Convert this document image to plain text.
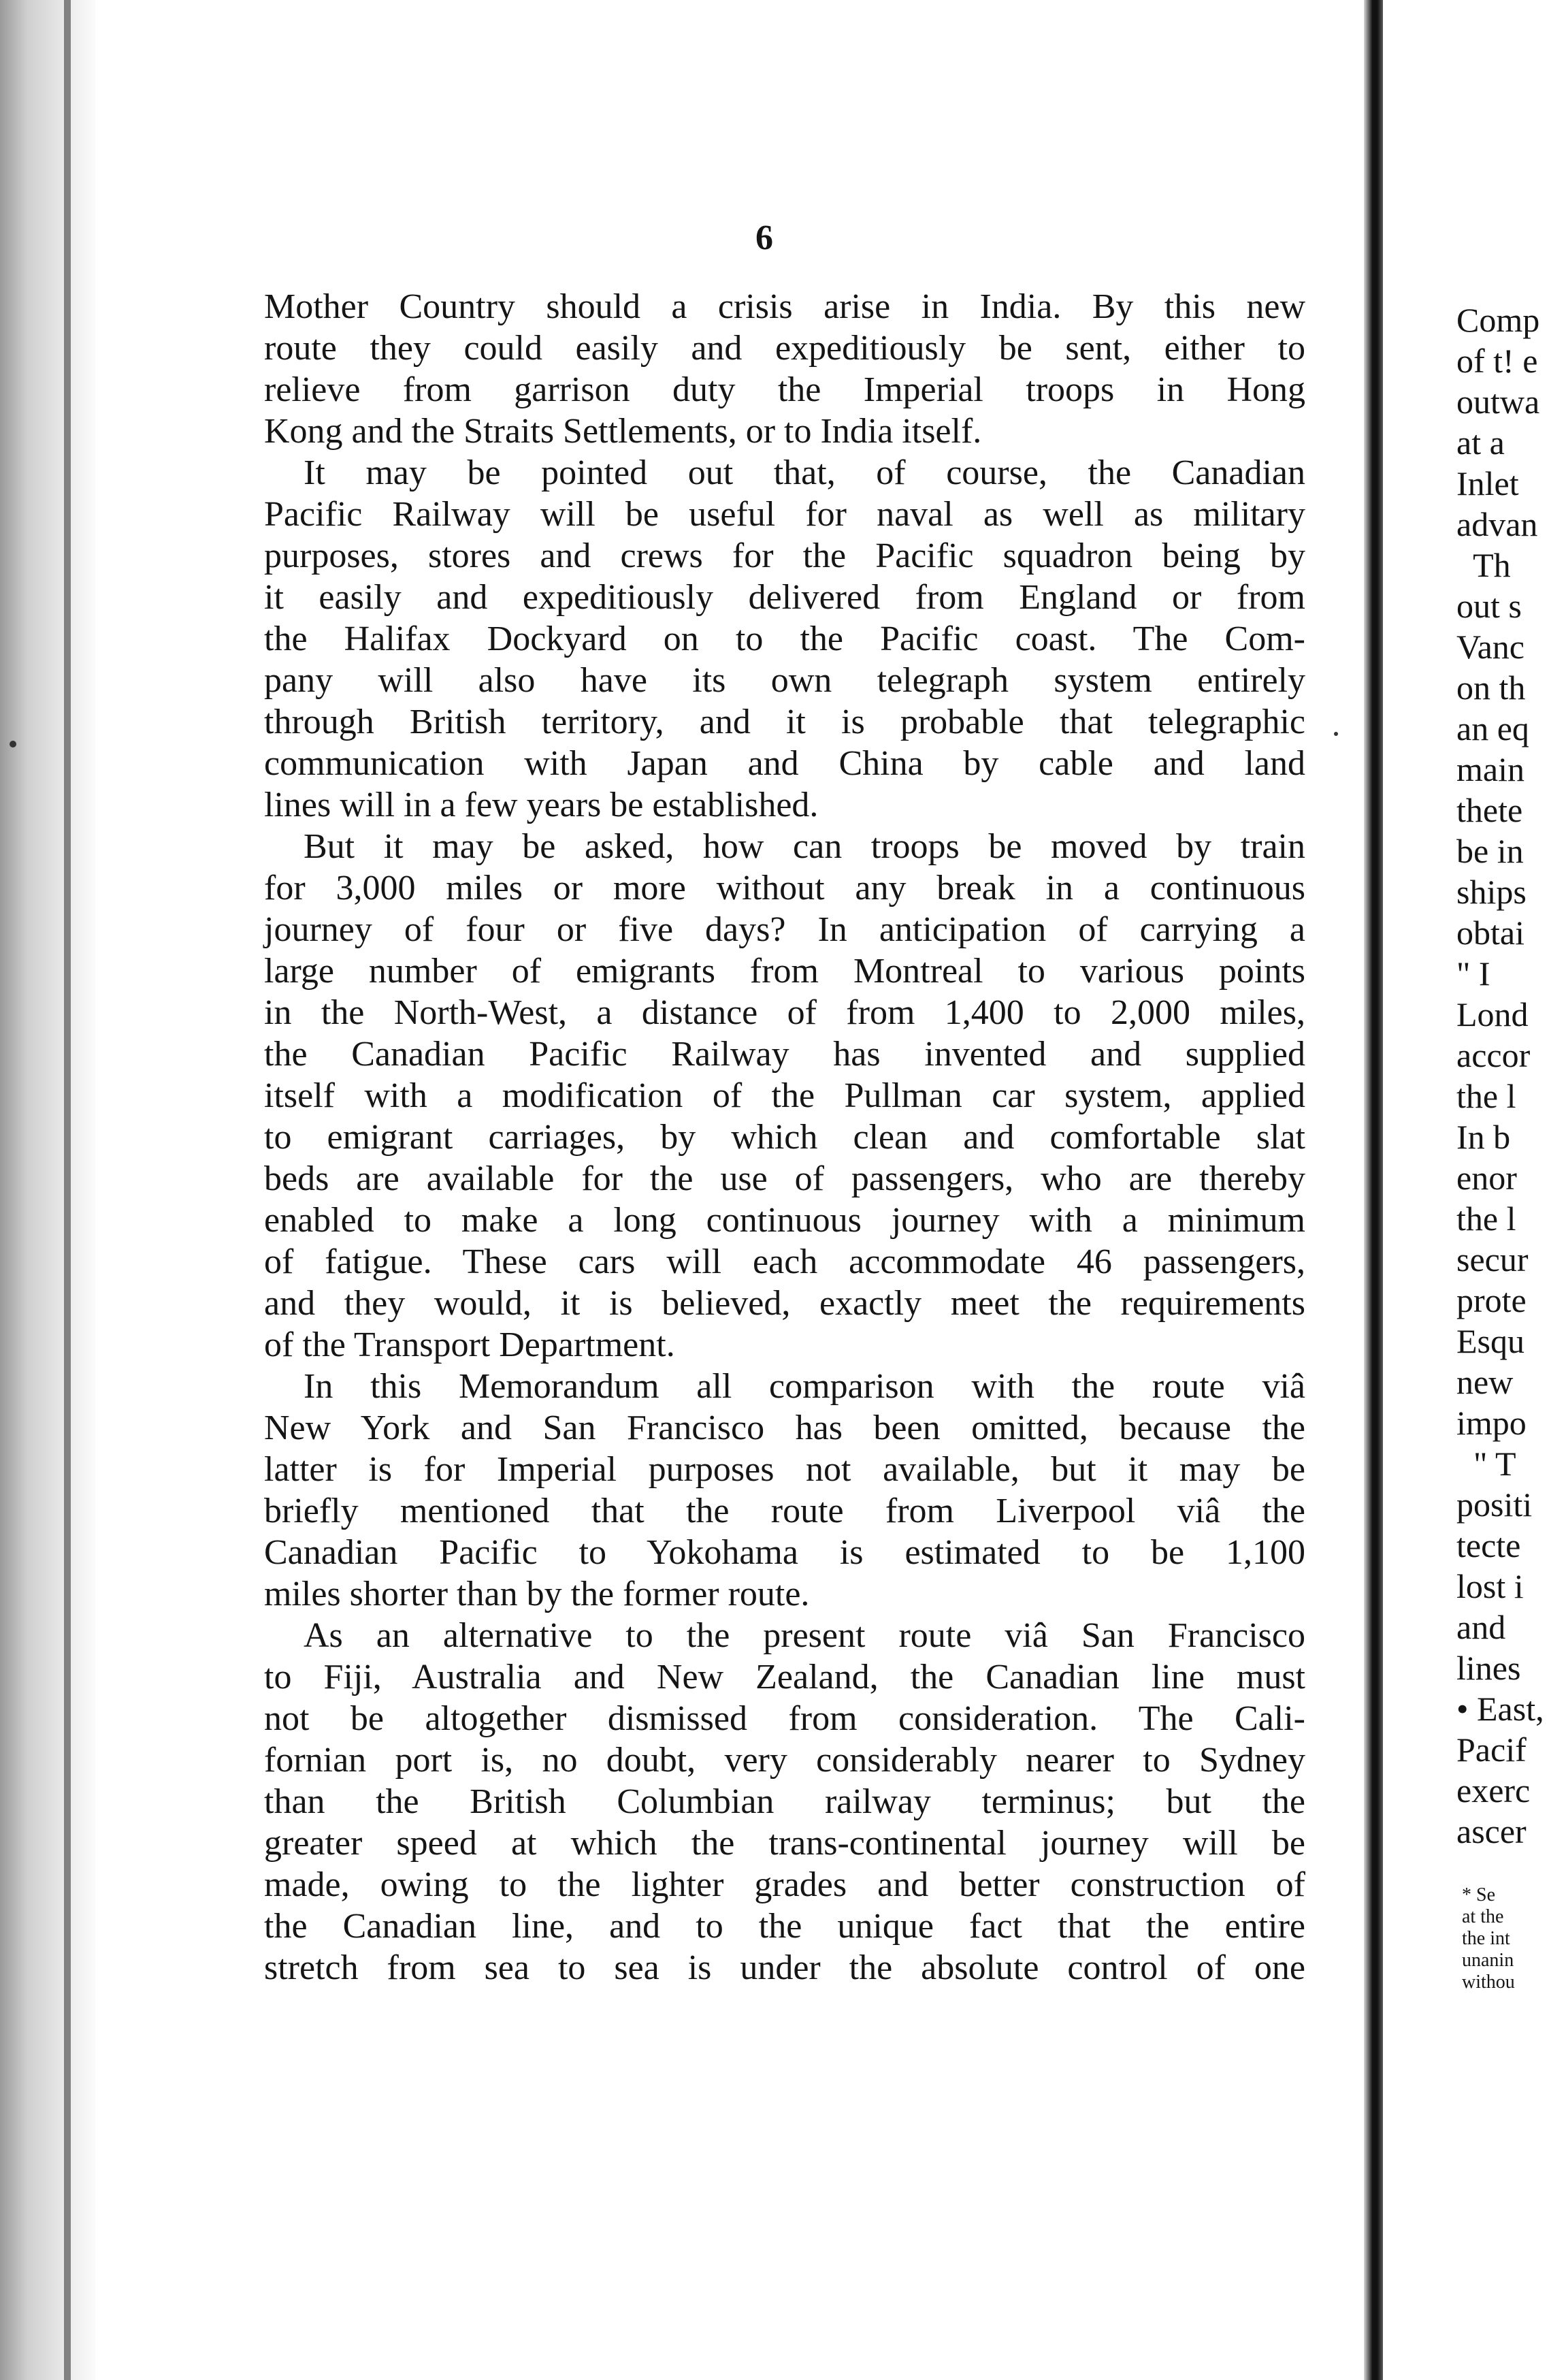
6

Mother Country should a crisis arise in India. By this new
route they could easily and expeditiously be sent, either to
relieve from garrison duty the Imperial troops in Hong
Kong and the Straits Settlements, or to India itself.
It may be pointed out that, of course, the Canadian
Pacific Railway will be useful for naval as well as military
purposes, stores and crews for the Pacific squadron being by
it easily and expeditiously delivered from England or from
the Halifax Dockyard on to the Pacific coast. The Com-
pany will also have its own telegraph system entirely
through British territory, and it is probable that telegraphic
communication with Japan and China by cable and land
lines will in a few years be established.
But it may be asked, how can troops be moved by train
for 3,000 miles or more without any break in a continuous
journey of four or five days? In anticipation of carrying a
large number of emigrants from Montreal to various points
in the North-West, a distance of from 1,400 to 2,000 miles,
the Canadian Pacific Railway has invented and supplied
itself with a modification of the Pullman car system, applied
to emigrant carriages, by which clean and comfortable slat
beds are available for the use of passengers, who are thereby
enabled to make a long continuous journey with a minimum
of fatigue. These cars will each accommodate 46 passengers,
and they would, it is believed, exactly meet the requirements
of the Transport Department.
In this Memorandum all comparison with the route viâ
New York and San Francisco has been omitted, because the
latter is for Imperial purposes not available, but it may be
briefly mentioned that the route from Liverpool viâ the
Canadian Pacific to Yokohama is estimated to be 1,100
miles shorter than by the former route.
As an alternative to the present route viâ San Francisco
to Fiji, Australia and New Zealand, the Canadian line must
not be altogether dismissed from consideration. The Cali-
fornian port is, no doubt, very considerably nearer to Sydney
than the British Columbian railway terminus; but the
greater speed at which the trans-continental journey will be
made, owing to the lighter grades and better construction of
the Canadian line, and to the unique fact that the entire
stretch from sea to sea is under the absolute control of one

Comp
of t! e
outwa
at a
Inlet
advan
Th
out s
Vanc
on th
an eq
main
thete
be in
ships
obtai
" I
Lond
accor
the l
In b
enor
the l
secur
prote
Esqu
new
impo
" T
positi
tecte
lost i
and
lines
• East,
Pacif
exerc
ascer
* Se
at the
the int
unanin
withou
